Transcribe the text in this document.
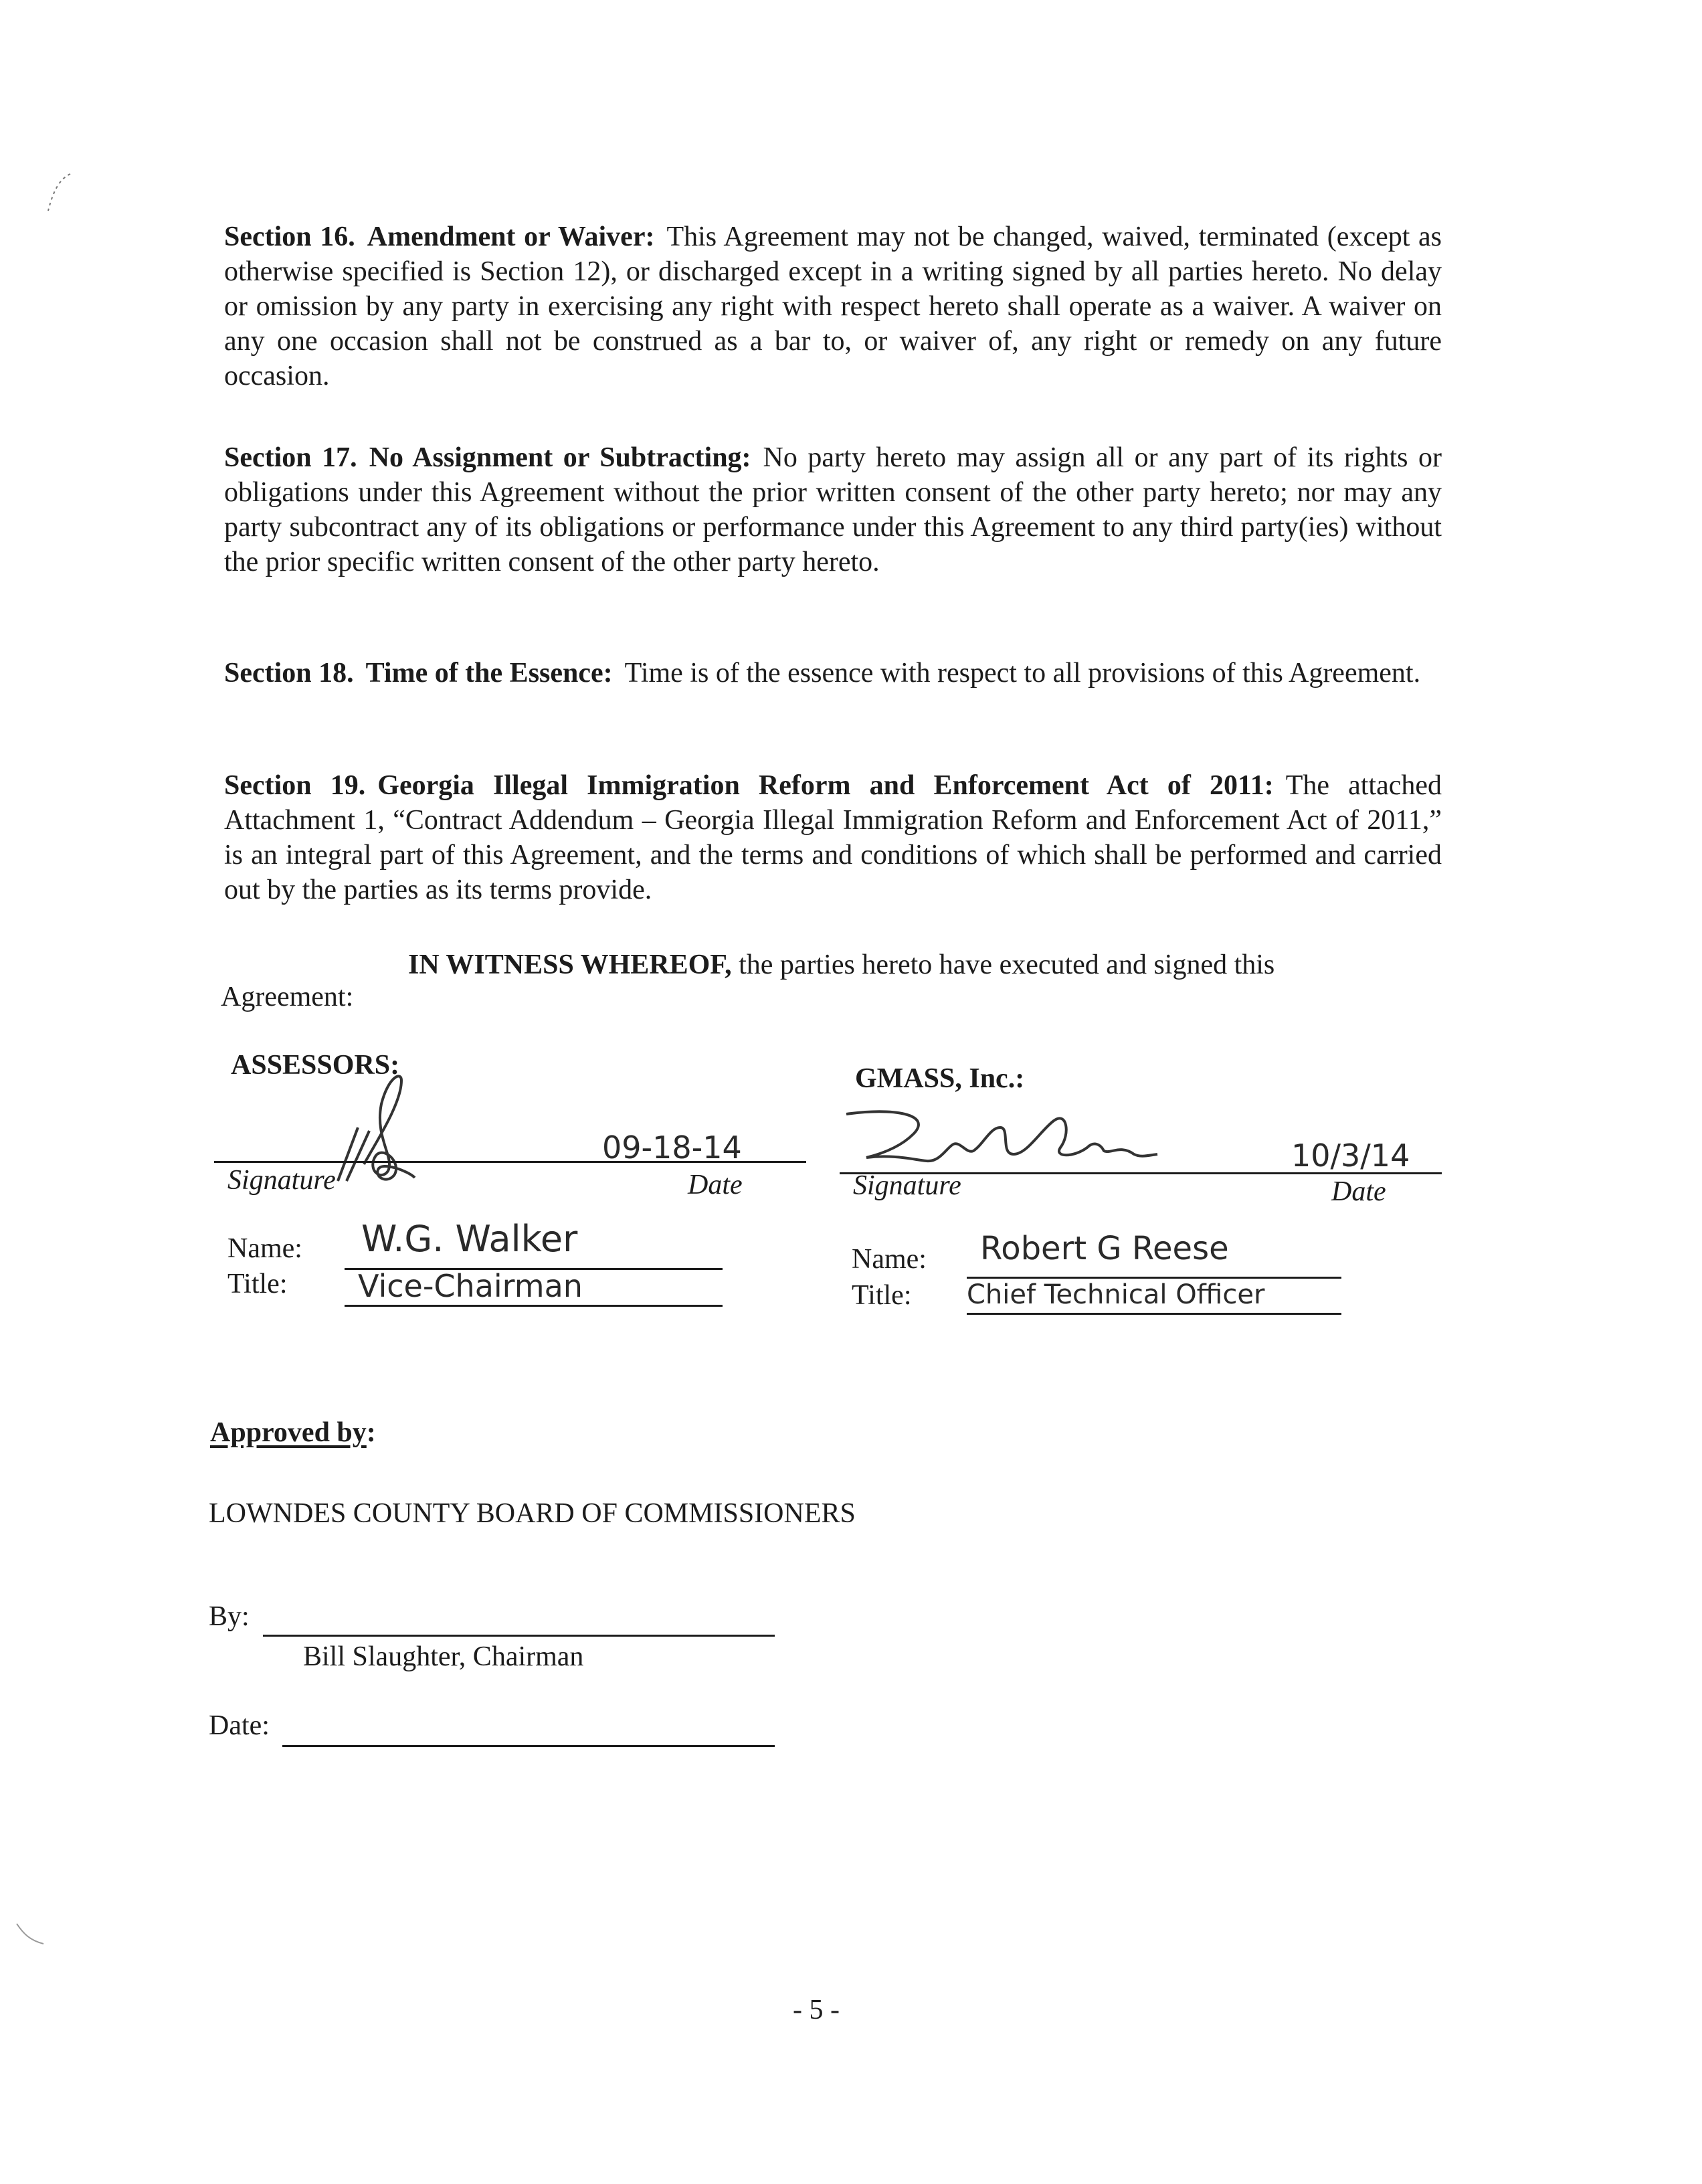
Section 16. Amendment or Waiver: This Agreement may not be changed, waived, terminated (except as otherwise specified is Section 12), or discharged except in a writing signed by all parties hereto. No delay or omission by any party in exercising any right with respect hereto shall operate as a waiver. A waiver on any one occasion shall not be construed as a bar to, or waiver of, any right or remedy on any future occasion.
Section 17. No Assignment or Subtracting: No party hereto may assign all or any part of its rights or obligations under this Agreement without the prior written consent of the other party hereto; nor may any party subcontract any of its obligations or performance under this Agreement to any third party(ies) without the prior specific written consent of the other party hereto.
Section 18. Time of the Essence: Time is of the essence with respect to all provisions of this Agreement.
Section 19. Georgia Illegal Immigration Reform and Enforcement Act of 2011: The attached Attachment 1, “Contract Addendum – Georgia Illegal Immigration Reform and Enforcement Act of 2011,” is an integral part of this Agreement, and the terms and conditions of which shall be performed and carried out by the parties as its terms provide.
IN WITNESS WHEREOF, the parties hereto have executed and signed this
Agreement:
ASSESSORS:
09-18-14
Signature	Date
Name: W.G. Walker
Title: Vice-Chairman
GMASS, Inc.:
10/3/14
Signature	Date
Name: Robert G Reese
Title: Chief Technical Officer
Approved by:
LOWNDES COUNTY BOARD OF COMMISSIONERS
By:
Bill Slaughter, Chairman
Date:
- 5 -
